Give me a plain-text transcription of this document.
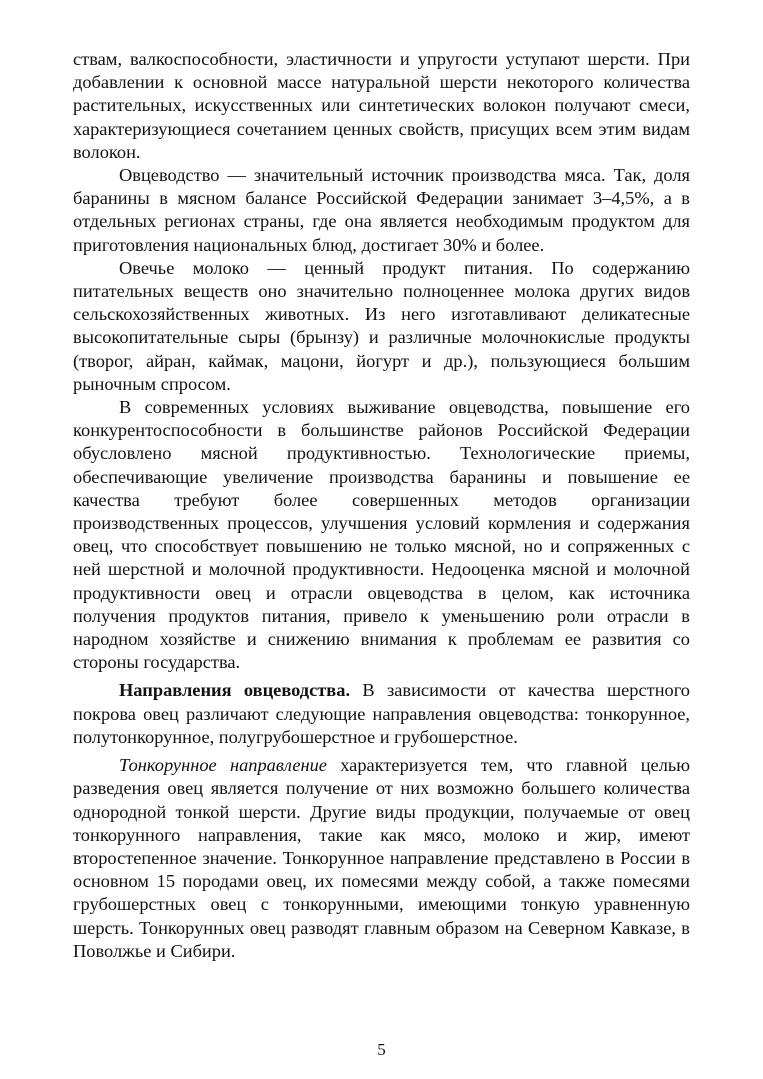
ствам, валкоспособности, эластичности и упругости уступают шерсти. При добавлении к основной массе натуральной шерсти некоторого количества растительных, искусственных или синтетических волокон получают смеси, характеризующиеся сочетанием ценных свойств, присущих всем этим видам волокон.

Овцеводство — значительный источник производства мяса. Так, доля баранины в мясном балансе Российской Федерации занимает 3–4,5%, а в отдельных регионах страны, где она является необходимым продуктом для приготовления национальных блюд, достигает 30% и более.

Овечье молоко — ценный продукт питания. По содержанию питательных веществ оно значительно полноценнее молока других видов сельскохозяйственных животных. Из него изготавливают деликатесные высокопитательные сыры (брынзу) и различные молочнокислые продукты (творог, айран, каймак, мацони, йогурт и др.), пользующиеся большим рыночным спросом.

В современных условиях выживание овцеводства, повышение его конкурентоспособности в большинстве районов Российской Федерации обусловлено мясной продуктивностью. Технологические приемы, обеспечивающие увеличение производства баранины и повышение ее качества требуют более совершенных методов организации производственных процессов, улучшения условий кормления и содержания овец, что способствует повышению не только мясной, но и сопряженных с ней шерстной и молочной продуктивности. Недооценка мясной и молочной продуктивности овец и отрасли овцеводства в целом, как источника получения продуктов питания, привело к уменьшению роли отрасли в народном хозяйстве и снижению внимания к проблемам ее развития со стороны государства.

Направления овцеводства. В зависимости от качества шерстного покрова овец различают следующие направления овцеводства: тонкорунное, полутонкорунное, полугрубошерстное и грубошерстное.

Тонкорунное направление характеризуется тем, что главной целью разведения овец является получение от них возможно большего количества однородной тонкой шерсти. Другие виды продукции, получаемые от овец тонкорунного направления, такие как мясо, молоко и жир, имеют второстепенное значение. Тонкорунное направление представлено в России в основном 15 породами овец, их помесями между собой, а также помесями грубошерстных овец с тонкорунными, имеющими тонкую уравненную шерсть. Тонкорунных овец разводят главным образом на Северном Кавказе, в Поволжье и Сибири.

5
